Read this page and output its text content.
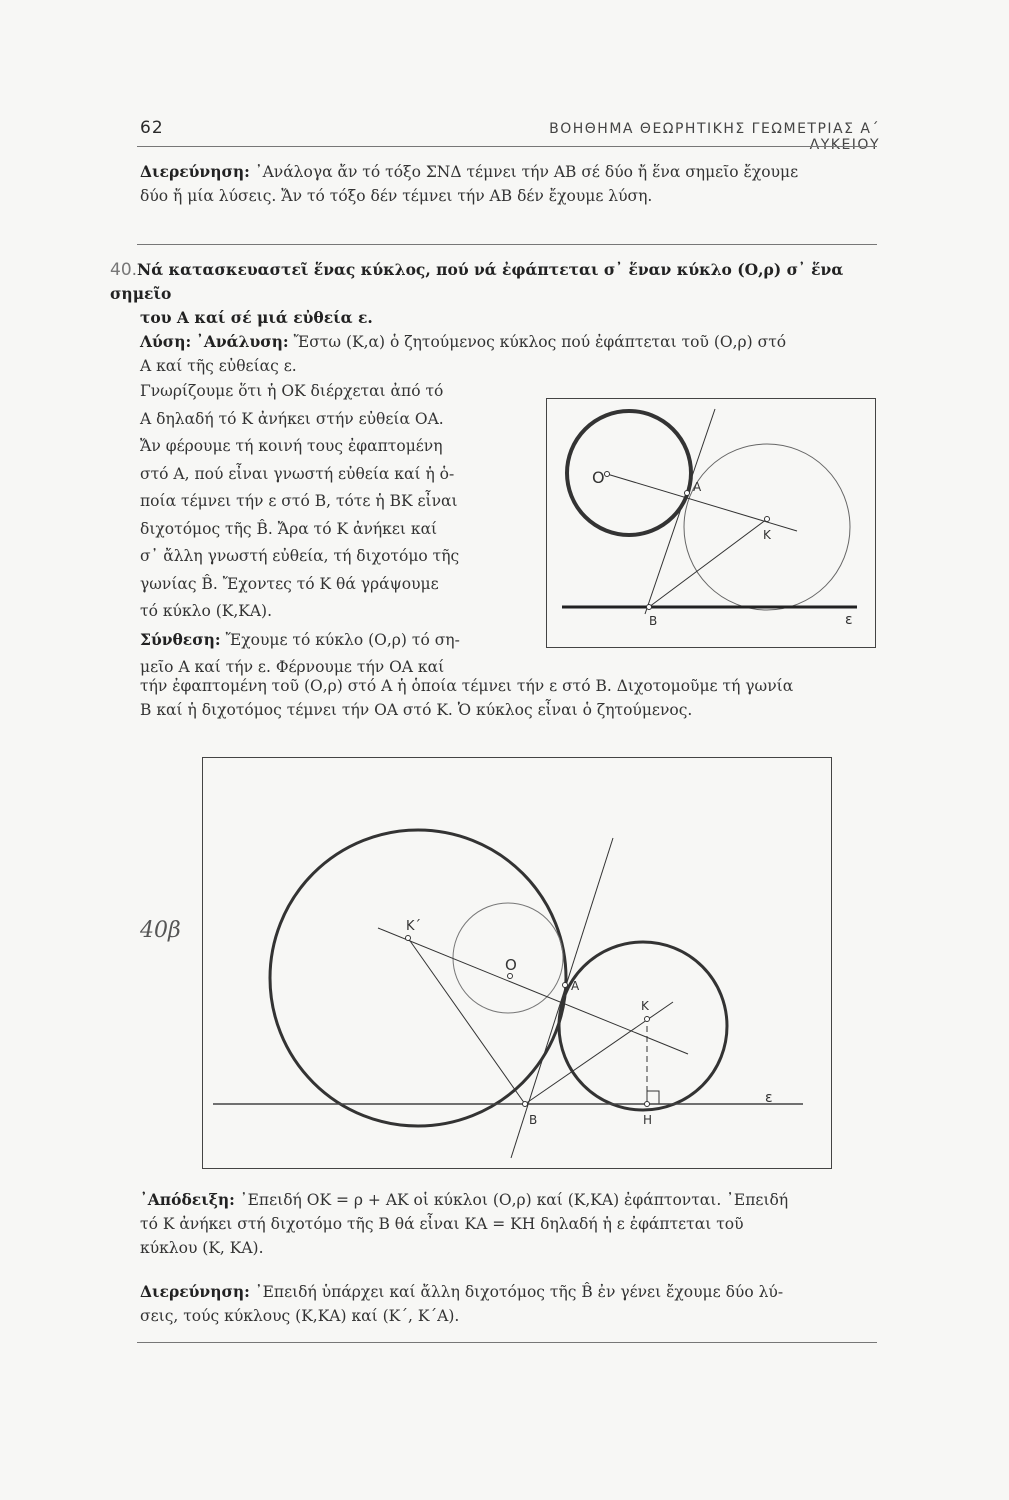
62	ΒΟΗΘΗΜΑ ΘΕΩΡΗΤΙΚΗΣ ΓΕΩΜΕΤΡΙΑΣ Α΄ ΛΥΚΕΙΟΥ
Διερεύνηση: ᾿Ανάλογα ἄν τό τόξο ΣΝΔ τέμνει τήν ΑΒ σέ δύο ἤ ἕνα σημεῖο ἔχουμε
δύο ἤ μία λύσεις. Ἄν τό τόξο δέν τέμνει τήν ΑΒ δέν ἔχουμε λύση.
40.Νά κατασκευαστεῖ ἕνας κύκλος, πού νά ἐφάπτεται σ᾿ ἕναν κύκλο (Ο,ρ) σ᾿ ἕνα σημεῖο
του Α καί σέ μιά εὐθεία ε.
Λύση: ᾿Ανάλυση: Ἔστω (Κ,α) ὁ ζητούμενος κύκλος πού ἐφάπτεται τοῦ (Ο,ρ) στό
Α καί τῆς εὐθείας ε.
Γνωρίζουμε ὅτι ἡ ΟΚ διέρχεται ἀπό τό
Α δηλαδή τό Κ ἀνήκει στήν εὐθεία ΟΑ.
Ἄν φέρουμε τή κοινή τους ἐφαπτομένη
στό Α, πού εἶναι γνωστή εὐθεία καί ἡ ὁ-
ποία τέμνει τήν ε στό Β, τότε ἡ ΒΚ εἶναι
διχοτόμος τῆς B̂. Ἄρα τό Κ ἀνήκει καί
σ᾿ ἄλλη γνωστή εὐθεία, τή διχοτόμο τῆς
γωνίας B̂. Ἔχοντες τό Κ θά γράψουμε
τό κύκλο (Κ,ΚΑ).
Σύνθεση: Ἔχουμε τό κύκλο (Ο,ρ) τό ση-
μεῖο Α καί τήν ε. Φέρνουμε τήν ΟΑ καί
τήν ἐφαπτομένη τοῦ (Ο,ρ) στό Α ἡ ὁποία τέμνει τήν ε στό Β. Διχοτομοῦμε τή γωνία
Β καί ἡ διχοτόμος τέμνει τήν ΟΑ στό Κ. Ὁ κύκλος εἶναι ὁ ζητούμενος.
O	A
K
B	ε
K΄
O
A
K
B	H
ε
40β
᾿Απόδειξη: ᾿Επειδή ΟΚ = ρ + ΑΚ οἱ κύκλοι (Ο,ρ) καί (Κ,ΚΑ) ἐφάπτονται. ᾿Επειδή
τό Κ ἀνήκει στή διχοτόμο τῆς Β θά εἶναι ΚΑ = ΚΗ δηλαδή ἡ ε ἐφάπτεται τοῦ
κύκλου (Κ, ΚΑ).
Διερεύνηση: ᾿Επειδή ὑπάρχει καί ἄλλη διχοτόμος τῆς B̂ ἐν γένει ἔχουμε δύο λύ-
σεις, τούς κύκλους (Κ,ΚΑ) καί (Κ΄, Κ΄Α).
